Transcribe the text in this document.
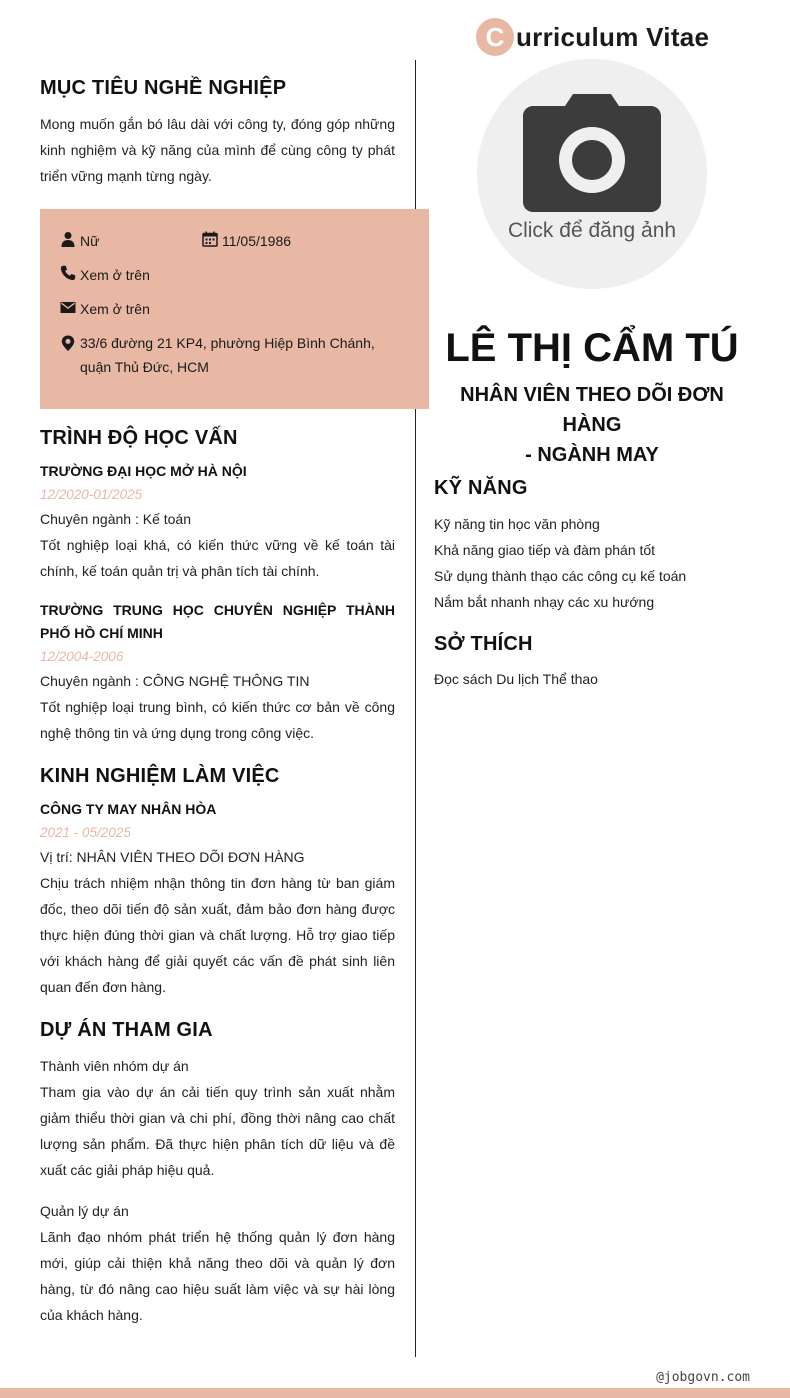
C urriculum Vitae
MỤC TIÊU NGHỀ NGHIỆP
Mong muốn gắn bó lâu dài với công ty, đóng góp những kinh nghiệm và kỹ năng của mình để cùng công ty phát triển vững mạnh từng ngày.
Nữ	11/05/1986
Xem ở trên
Xem ở trên
33/6 đường 21 KP4, phường Hiệp Bình Chánh, quận Thủ Đức, HCM
TRÌNH ĐỘ HỌC VẤN
TRƯỜNG ĐẠI HỌC MỞ HÀ NỘI
12/2020-01/2025
Chuyên ngành : Kế toán
Tốt nghiệp loại khá, có kiến thức vững về kế toán tài chính, kế toán quản trị và phân tích tài chính.
TRƯỜNG TRUNG HỌC CHUYÊN NGHIỆP THÀNH PHỐ HỒ CHÍ MINH
12/2004-2006
Chuyên ngành : CÔNG NGHỆ THÔNG TIN
Tốt nghiệp loại trung bình, có kiến thức cơ bản về công nghệ thông tin và ứng dụng trong công việc.
KINH NGHIỆM LÀM VIỆC
CÔNG TY MAY NHÂN HÒA
2021 - 05/2025
Vị trí: NHÂN VIÊN THEO DÕI ĐƠN HÀNG
Chịu trách nhiệm nhận thông tin đơn hàng từ ban giám đốc, theo dõi tiến độ sản xuất, đảm bảo đơn hàng được thực hiện đúng thời gian và chất lượng. Hỗ trợ giao tiếp với khách hàng để giải quyết các vấn đề phát sinh liên quan đến đơn hàng.
DỰ ÁN THAM GIA
Thành viên nhóm dự án
Tham gia vào dự án cải tiến quy trình sản xuất nhằm giảm thiểu thời gian và chi phí, đồng thời nâng cao chất lượng sản phẩm. Đã thực hiện phân tích dữ liệu và đề xuất các giải pháp hiệu quả.
Quản lý dự án
Lãnh đạo nhóm phát triển hệ thống quản lý đơn hàng mới, giúp cải thiện khả năng theo dõi và quản lý đơn hàng, từ đó nâng cao hiệu suất làm việc và sự hài lòng của khách hàng.
Click để đăng ảnh
LÊ THỊ CẨM TÚ
NHÂN VIÊN THEO DÕI ĐƠN HÀNG
- NGÀNH MAY
KỸ NĂNG
Kỹ năng tin học văn phòng
Khả năng giao tiếp và đàm phán tốt
Sử dụng thành thạo các công cụ kế toán
Nắm bắt nhanh nhạy các xu hướng
SỞ THÍCH
Đọc sách Du lịch Thể thao
@jobgovn.com
